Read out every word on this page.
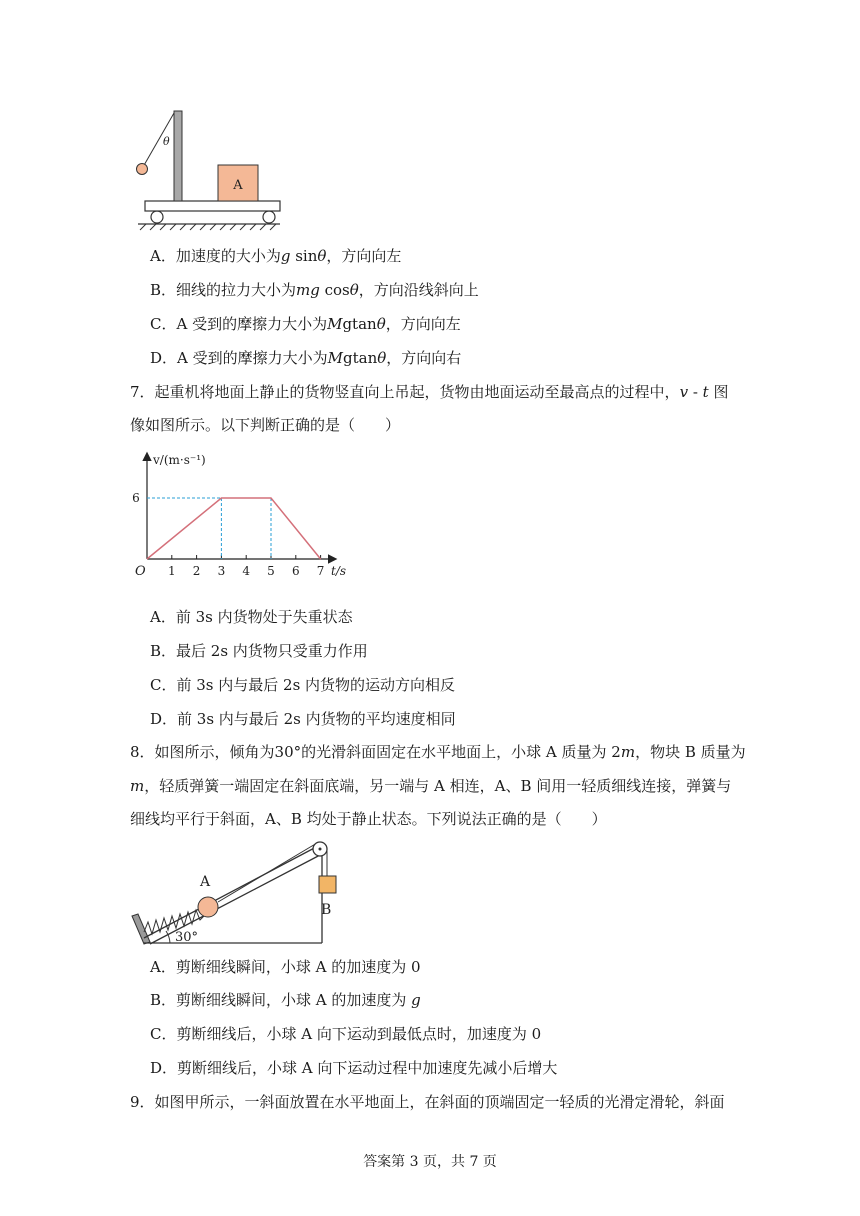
θ
A
A．加速度的大小为g sinθ，方向向左
B．细线的拉力大小为mg cosθ，方向沿线斜向上
C．A 受到的摩擦力大小为Mgtanθ，方向向左
D．A 受到的摩擦力大小为Mgtanθ，方向向右
7．起重机将地面上静止的货物竖直向上吊起，货物由地面运动至最高点的过程中，v - t 图
像如图所示。以下判断正确的是（　　）
1 2 3 4 5 6 7
6
v/(m·s⁻¹)
t/s
O
A．前 3s 内货物处于失重状态
B．最后 2s 内货物只受重力作用
C．前 3s 内与最后 2s 内货物的运动方向相反
D．前 3s 内与最后 2s 内货物的平均速度相同
8．如图所示，倾角为30°的光滑斜面固定在水平地面上，小球 A 质量为 2m，物块 B 质量为
m，轻质弹簧一端固定在斜面底端，另一端与 A 相连，A、B 间用一轻质细线连接，弹簧与
细线均平行于斜面，A、B 均处于静止状态。下列说法正确的是（　　）
30°
A
B
A．剪断细线瞬间，小球 A 的加速度为 0
B．剪断细线瞬间，小球 A 的加速度为 g
C．剪断细线后，小球 A 向下运动到最低点时，加速度为 0
D．剪断细线后，小球 A 向下运动过程中加速度先减小后增大
9．如图甲所示，一斜面放置在水平地面上，在斜面的顶端固定一轻质的光滑定滑轮，斜面
答案第 3 页，共 7 页
